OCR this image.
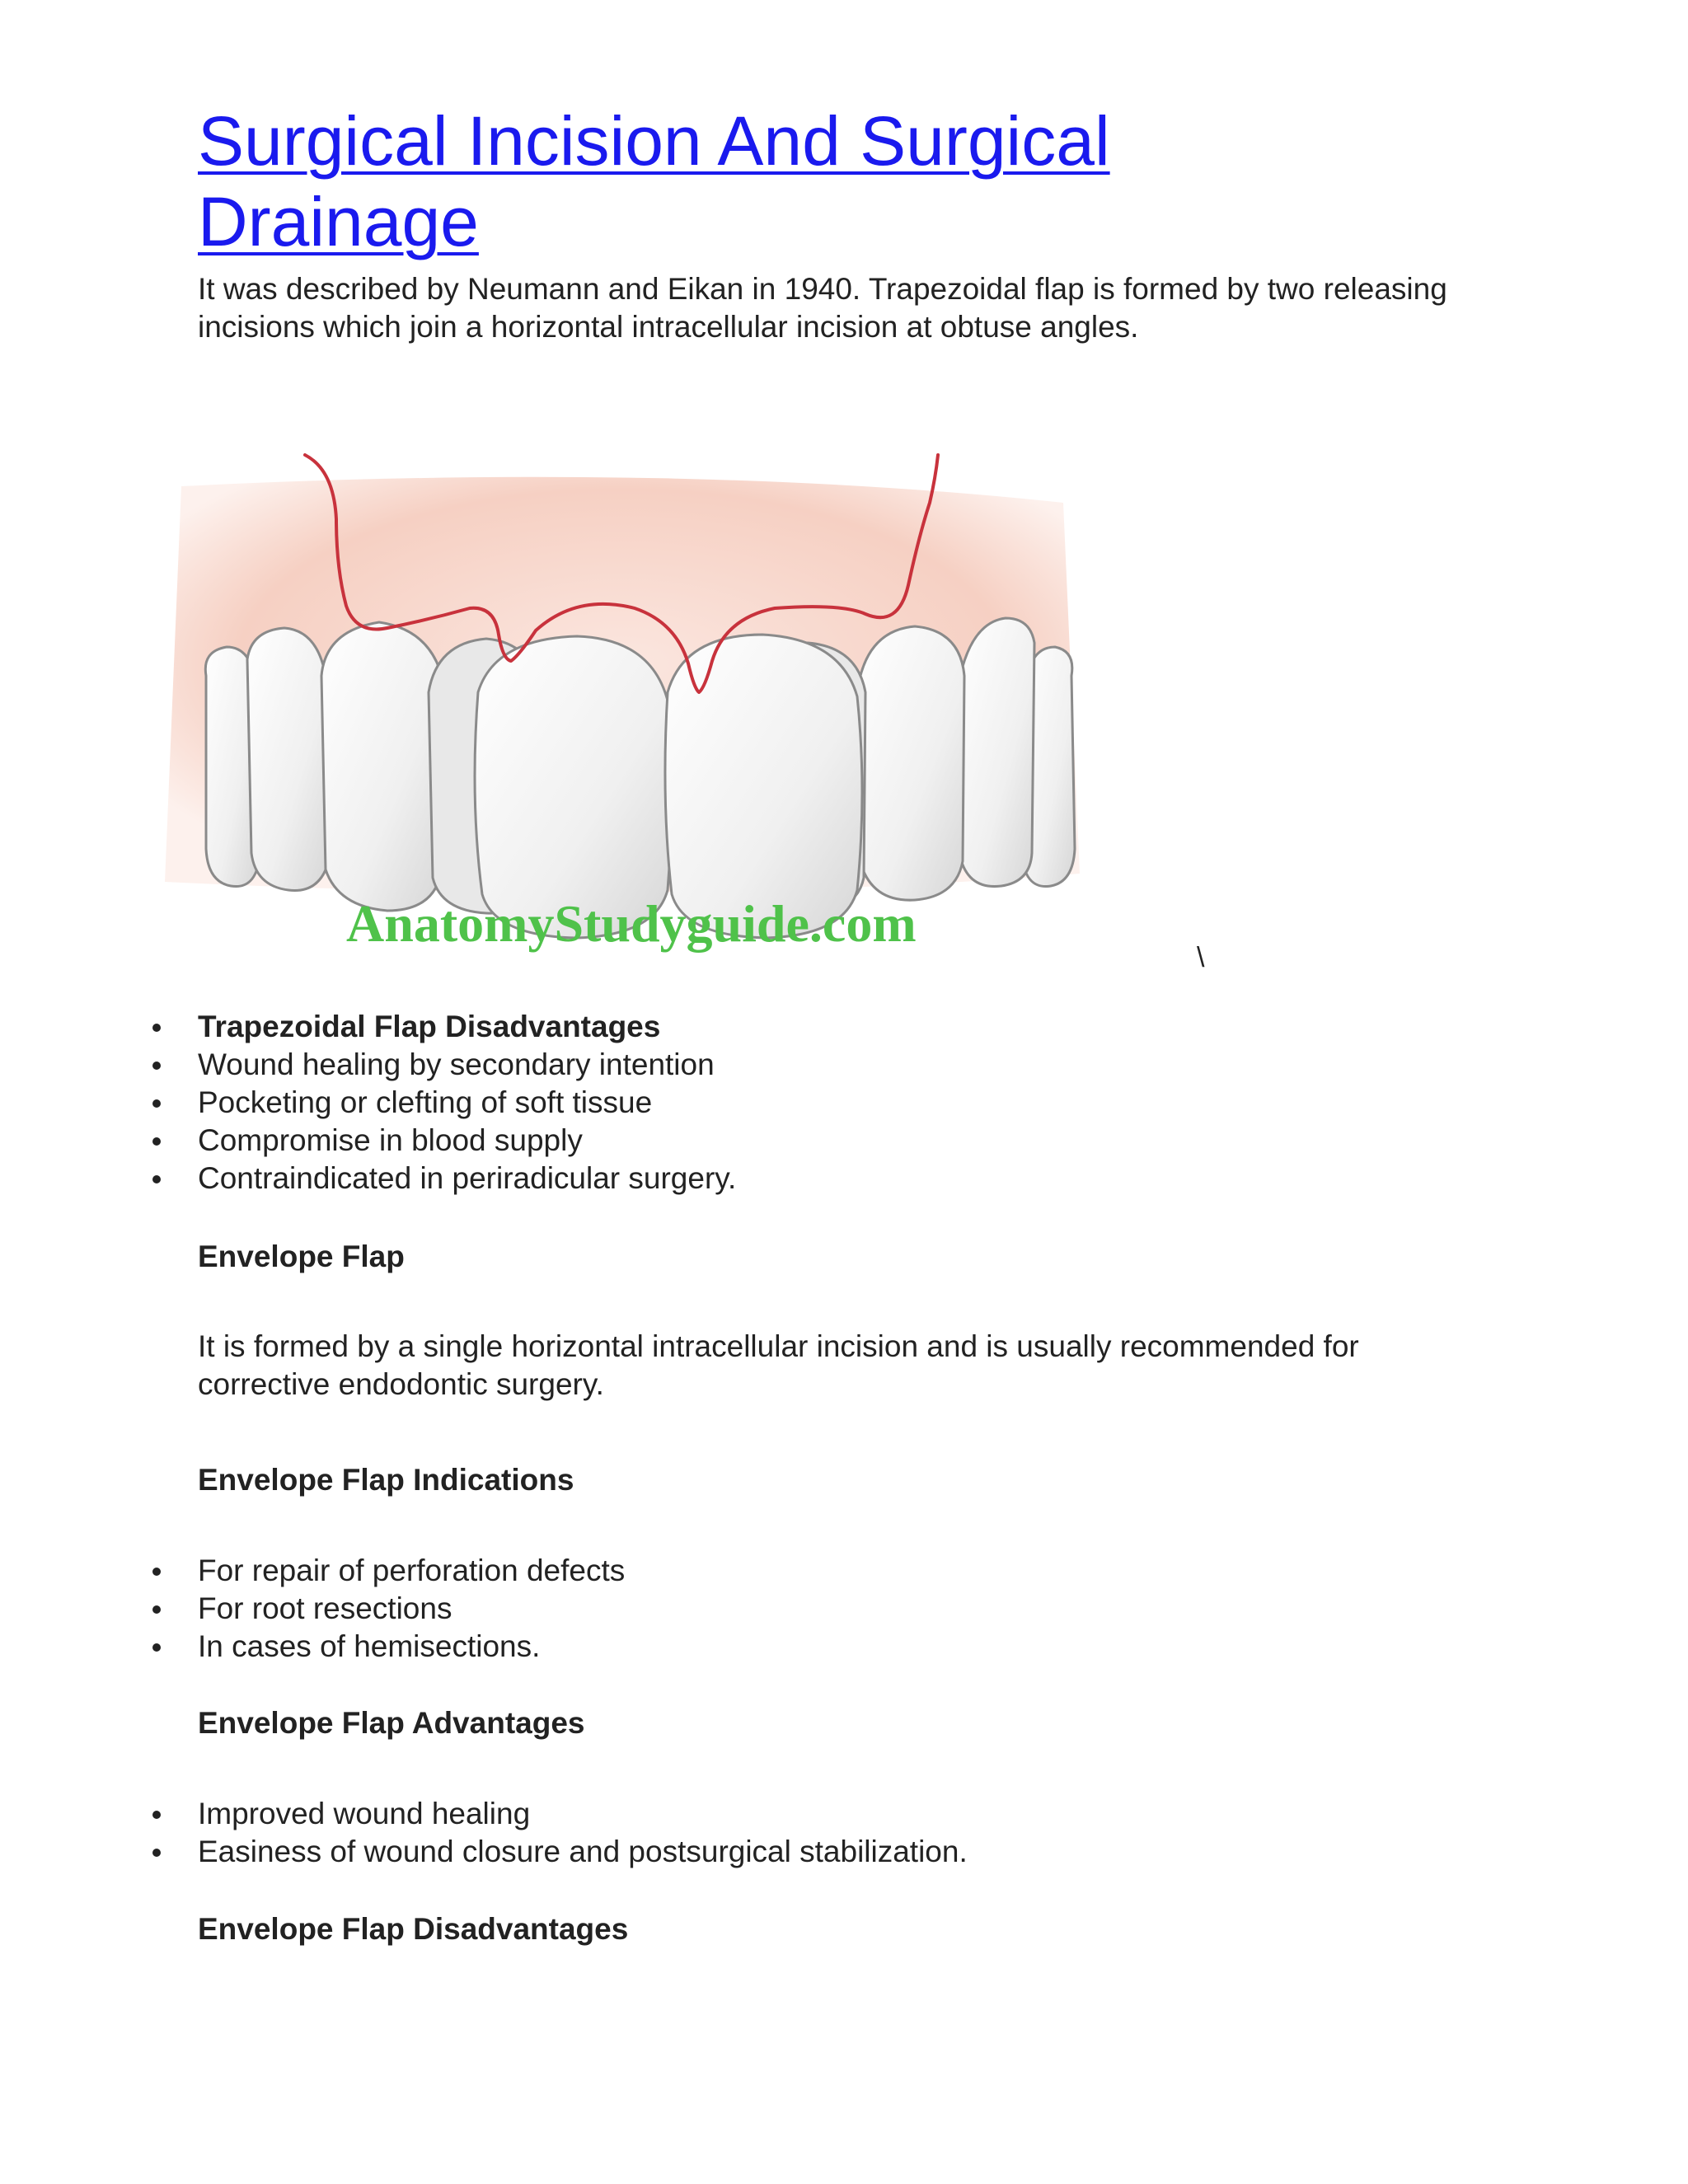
Surgical Incision And Surgical Drainage

It was described by Neumann and Eikan in 1940. Trapezoidal flap is formed by two releasing incisions which join a horizontal intracellular incision at obtuse angles.

AnatomyStudyguide.com
\
Trapezoidal Flap Disadvantages
Wound healing by secondary intention
Pocketing or clefting of soft tissue
Compromise in blood supply
Contraindicated in periradicular surgery.
Envelope Flap

It is formed by a single horizontal intracellular incision and is usually recommended for corrective endodontic surgery.

Envelope Flap Indications
For repair of perforation defects
For root resections
In cases of hemisections.
Envelope Flap Advantages
Improved wound healing
Easiness of wound closure and postsurgical stabilization.
Envelope Flap Disadvantages
